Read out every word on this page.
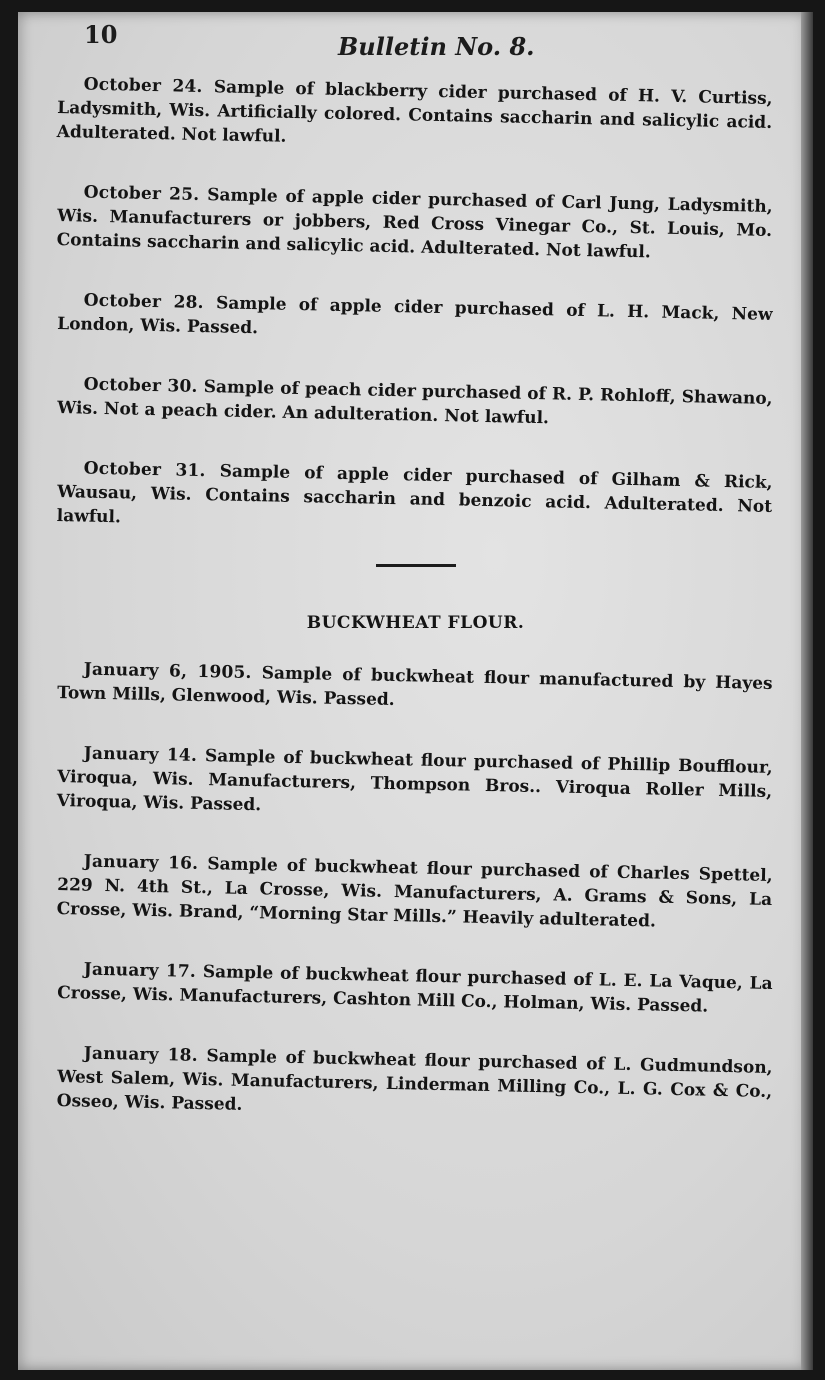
10	Bulletin No. 8.

October 24. Sample of blackberry cider purchased of H. V. Curtiss, Ladysmith, Wis. Artificially colored. Contains saccharin and salicylic acid. Adulterated. Not lawful.

October 25. Sample of apple cider purchased of Carl Jung, Ladysmith, Wis. Manufacturers or jobbers, Red Cross Vinegar Co., St. Louis, Mo. Contains saccharin and salicylic acid. Adulterated. Not lawful.

October 28. Sample of apple cider purchased of L. H. Mack, New London, Wis. Passed.

October 30. Sample of peach cider purchased of R. P. Rohloff, Shawano, Wis. Not a peach cider. An adulteration. Not lawful.

October 31. Sample of apple cider purchased of Gilham & Rick, Wausau, Wis. Contains saccharin and benzoic acid. Adulterated. Not lawful.

BUCKWHEAT FLOUR.

January 6, 1905. Sample of buckwheat flour manufactured by Hayes Town Mills, Glenwood, Wis. Passed.

January 14. Sample of buckwheat flour purchased of Phillip Boufflour, Viroqua, Wis. Manufacturers, Thompson Bros.. Viroqua Roller Mills, Viroqua, Wis. Passed.

January 16. Sample of buckwheat flour purchased of Charles Spettel, 229 N. 4th St., La Crosse, Wis. Manufacturers, A. Grams & Sons, La Crosse, Wis. Brand, “Morning Star Mills.” Heavily adulterated.

January 17. Sample of buckwheat flour purchased of L. E. La Vaque, La Crosse, Wis. Manufacturers, Cashton Mill Co., Holman, Wis. Passed.

January 18. Sample of buckwheat flour purchased of L. Gudmundson, West Salem, Wis. Manufacturers, Linderman Milling Co., L. G. Cox & Co., Osseo, Wis. Passed.
